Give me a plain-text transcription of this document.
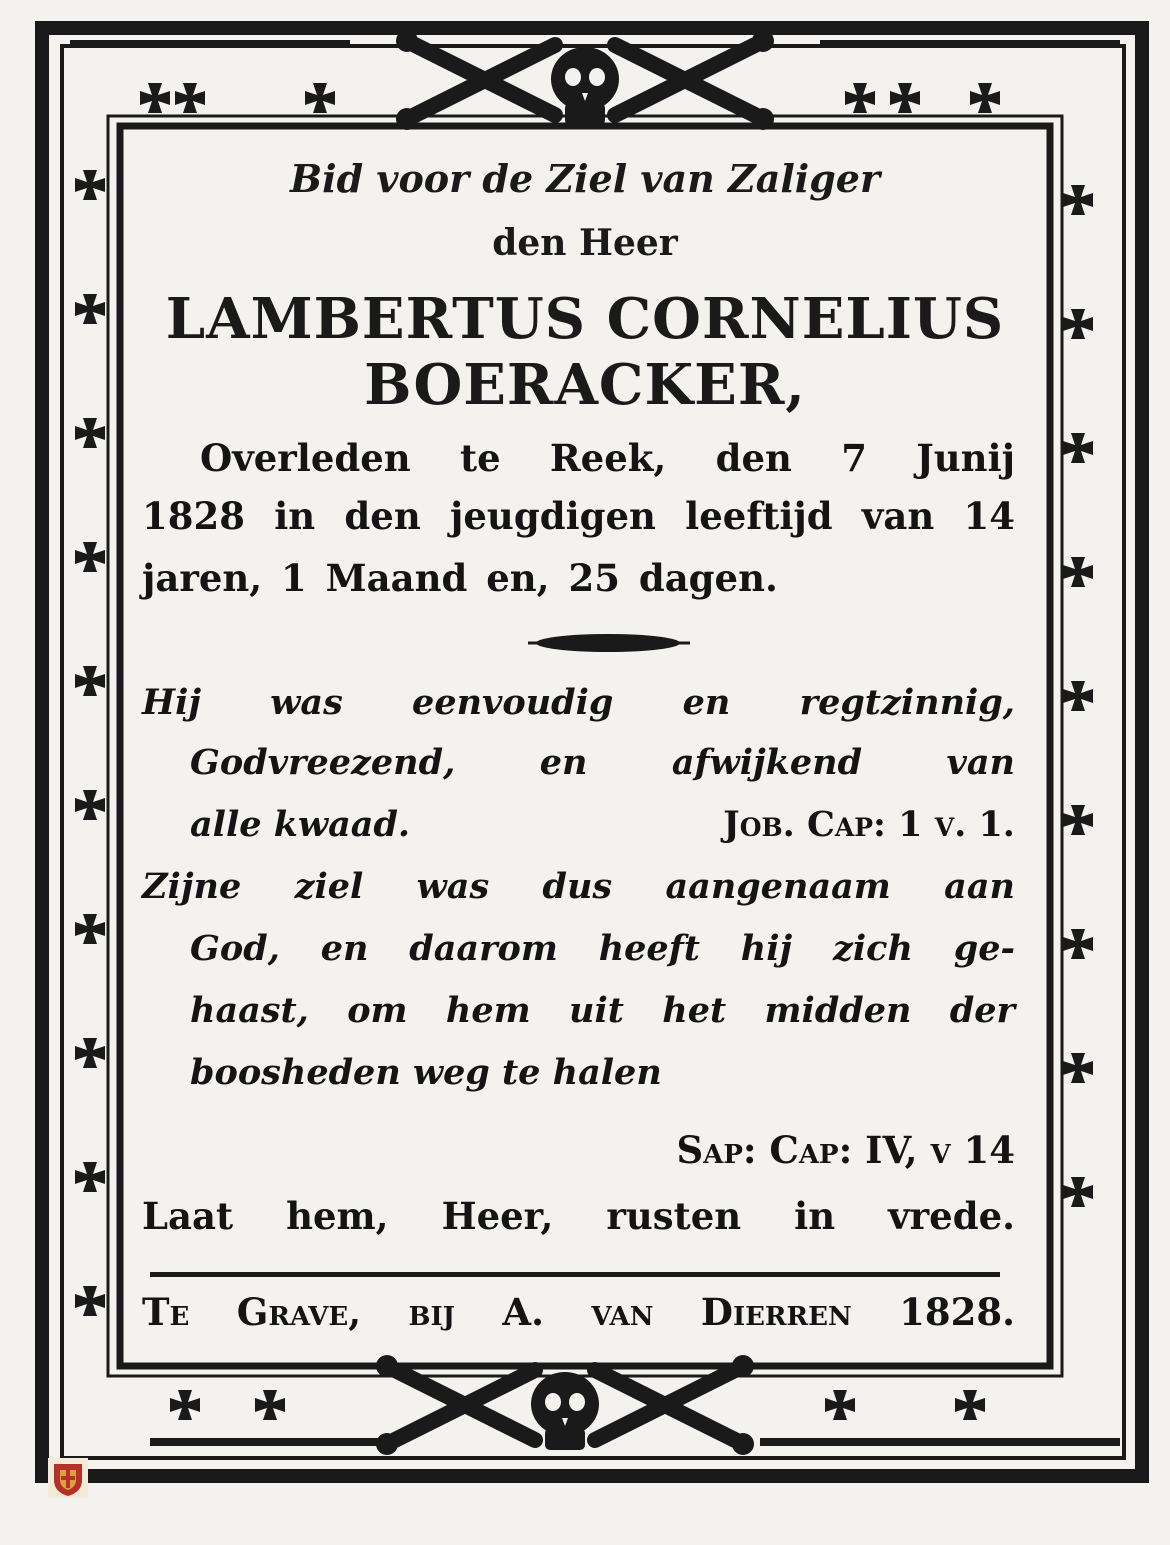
Bid voor de Ziel van Zaliger
den Heer
LAMBERTUS CORNELIUS
BOERACKER,
Overleden te Reek, den 7 Junij
1828 in den jeugdigen leeftijd van 14
jaren, 1 Maand en, 25 dagen.
Hij was eenvoudig en regtzinnig,
Godvreezend, en afwijkend van
alle kwaad.	Job. Cap: 1 v. 1.
Zijne ziel was dus aangenaam aan
God, en daarom heeft hij zich ge-
haast, om hem uit het midden der
boosheden weg te halen
Sap: Cap: IV, v 14
Laat hem, Heer, rusten in vrede.
Te Grave, bij A. van Dierren 1828.
